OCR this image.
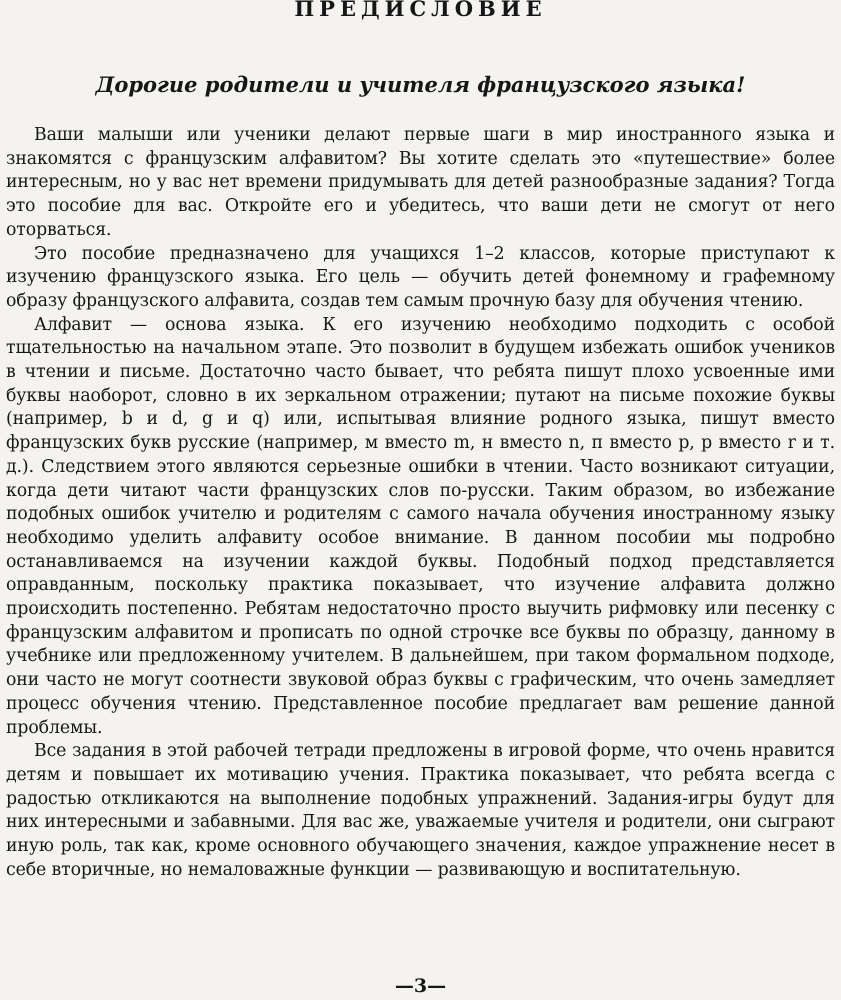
ПРЕДИСЛОВИЕ
Дорогие родители и учителя французского языка!

Ваши малыши или ученики делают первые шаги в мир иностранного языка и знакомятся с французским алфавитом? Вы хотите сделать это «путешествие» более интересным, но у вас нет времени придумывать для детей разнообразные задания? Тогда это пособие для вас. Откройте его и убедитесь, что ваши дети не смогут от него оторваться.

Это пособие предназначено для учащихся 1–2 классов, которые приступают к изучению французского языка. Его цель — обучить детей фонемному и графемному образу французского алфавита, создав тем самым прочную базу для обучения чтению.

Алфавит — основа языка. К его изучению необходимо подходить с особой тщательностью на начальном этапе. Это позволит в будущем избежать ошибок учеников в чтении и письме. Достаточно часто бывает, что ребята пишут плохо усвоенные ими буквы наоборот, словно в их зеркальном отражении; путают на письме похожие буквы (например, b и d, g и q) или, испытывая влияние родного языка, пишут вместо французских букв русские (например, м вместо m, н вместо n, п вместо p, р вместо r и т. д.). Следствием этого являются серьезные ошибки в чтении. Часто возникают ситуации, когда дети читают части французских слов по-русски. Таким образом, во избежание подобных ошибок учителю и родителям с самого начала обучения иностранному языку необходимо уделить алфавиту особое внимание. В данном пособии мы подробно останавливаемся на изучении каждой буквы. Подобный подход представляется оправданным, поскольку практика показывает, что изучение алфавита должно происходить постепенно. Ребятам недостаточно просто выучить рифмовку или песенку с французским алфавитом и прописать по одной строчке все буквы по образцу, данному в учебнике или предложенному учителем. В дальнейшем, при таком формальном подходе, они часто не могут соотнести звуковой образ буквы с графическим, что очень замедляет процесс обучения чтению. Представленное пособие предлагает вам решение данной проблемы.

Все задания в этой рабочей тетради предложены в игровой форме, что очень нравится детям и повышает их мотивацию учения. Практика показывает, что ребята всегда с радостью откликаются на выполнение подобных упражнений. Задания-игры будут для них интересными и забавными. Для вас же, уважаемые учителя и родители, они сыграют иную роль, так как, кроме основного обучающего значения, каждое упражнение несет в себе вторичные, но немаловажные функции — развивающую и воспитательную.

—3—
